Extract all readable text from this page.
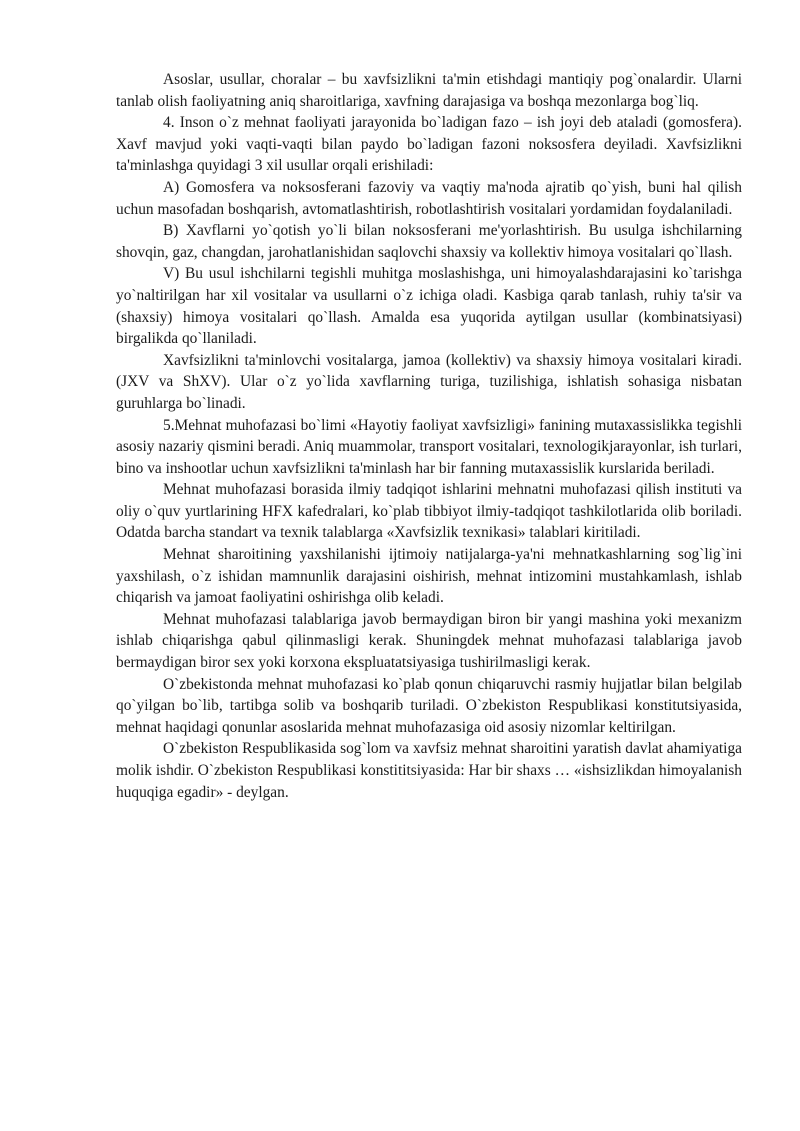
Asoslar, usullar, choralar – bu xavfsizlikni ta'min etishdagi mantiqiy pog`onalardir. Ularni tanlab olish faoliyatning aniq sharoitlariga, xavfning darajasiga va boshqa mezonlarga bog`liq.

4. Inson o`z mehnat faoliyati jarayonida bo`ladigan fazo – ish joyi deb ataladi (gomosfera). Xavf mavjud yoki vaqti-vaqti bilan paydo bo`ladigan fazoni noksosfera deyiladi. Xavfsizlikni ta'minlashga quyidagi 3 xil usullar orqali erishiladi:

A) Gomosfera va noksosferani fazoviy va vaqtiy ma'noda ajratib qo`yish, buni hal qilish uchun masofadan boshqarish, avtomatlashtirish, robotlashtirish vositalari yordamidan foydalaniladi.

B) Xavflarni yo`qotish yo`li bilan noksosferani me'yorlashtirish. Bu usulga ishchilarning shovqin, gaz, changdan, jarohatlanishidan saqlovchi shaxsiy va kollektiv himoya vositalari qo`llash.

V) Bu usul ishchilarni tegishli muhitga moslashishga, uni himoyalashdarajasini ko`tarishga yo`naltirilgan har xil vositalar va usullarni o`z ichiga oladi. Kasbiga qarab tanlash, ruhiy ta'sir va (shaxsiy) himoya vositalari qo`llash. Amalda esa yuqorida aytilgan usullar (kombinatsiyasi) birgalikda qo`llaniladi.

Xavfsizlikni ta'minlovchi vositalarga, jamoa (kollektiv) va shaxsiy himoya vositalari kiradi. (JXV va ShXV). Ular o`z yo`lida xavflarning turiga, tuzilishiga, ishlatish sohasiga nisbatan guruhlarga bo`linadi.

5.Mehnat muhofazasi bo`limi «Hayotiy faoliyat xavfsizligi» fanining mutaxassislikka tegishli asosiy nazariy qismini beradi. Aniq muammolar, transport vositalari, texnologikjarayonlar, ish turlari, bino va inshootlar uchun xavfsizlikni ta'minlash har bir fanning mutaxassislik kurslarida beriladi.

Mehnat muhofazasi borasida ilmiy tadqiqot ishlarini mehnatni muhofazasi qilish instituti va oliy o`quv yurtlarining HFX kafedralari, ko`plab tibbiyot ilmiy-tadqiqot tashkilotlarida olib boriladi. Odatda barcha standart va texnik talablarga «Xavfsizlik texnikasi» talablari kiritiladi.

Mehnat sharoitining yaxshilanishi ijtimoiy natijalarga-ya'ni mehnatkashlarning sog`lig`ini yaxshilash, o`z ishidan mamnunlik darajasini oishirish, mehnat intizomini mustahkamlash, ishlab chiqarish va jamoat faoliyatini oshirishga olib keladi.

Mehnat muhofazasi talablariga javob bermaydigan biron bir yangi mashina yoki mexanizm ishlab chiqarishga qabul qilinmasligi kerak. Shuningdek mehnat muhofazasi talablariga javob bermaydigan biror sex yoki korxona ekspluatatsiyasiga tushirilmasligi kerak.

O`zbekistonda mehnat muhofazasi ko`plab qonun chiqaruvchi rasmiy hujjatlar bilan belgilab qo`yilgan bo`lib, tartibga solib va boshqarib turiladi. O`zbekiston Respublikasi konstitutsiyasida, mehnat haqidagi qonunlar asoslarida mehnat muhofazasiga oid asosiy nizomlar keltirilgan.

O`zbekiston Respublikasida sog`lom va xavfsiz mehnat sharoitini yaratish davlat ahamiyatiga molik ishdir. O`zbekiston Respublikasi konstititsiyasida: Har bir shaxs … «ishsizlikdan himoyalanish huquqiga egadir» - deylgan.
